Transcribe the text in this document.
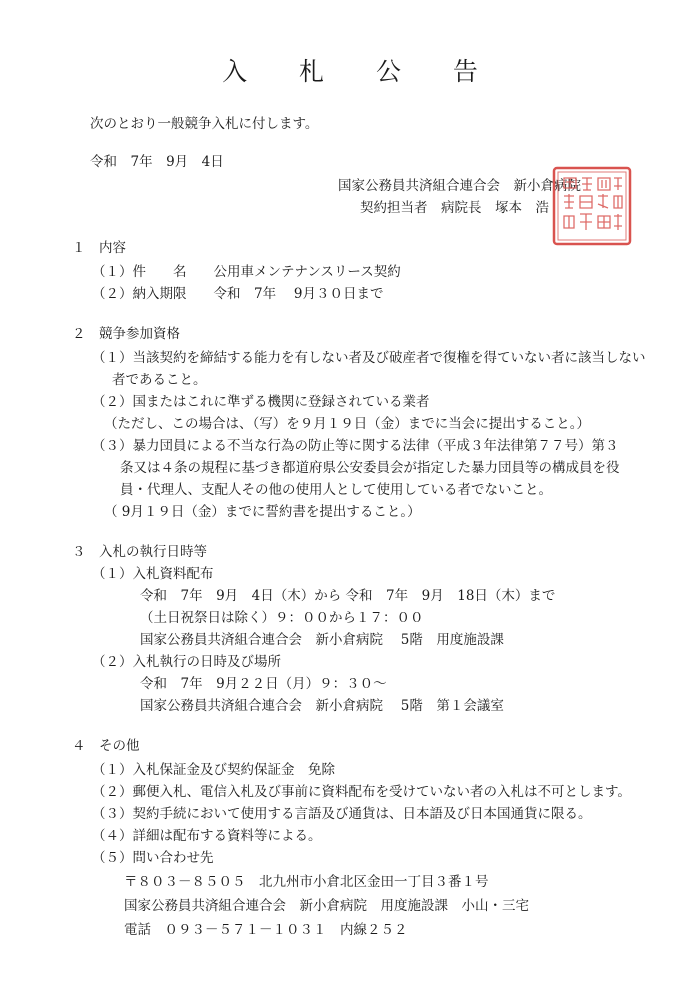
入 札 公 告
次のとおり一般競争入札に付します。
令和　7年　9月　4日
国家公務員共済組合連合会　新小倉病院
契約担当者　病院長　塚本　浩
１　内容
（１）件　　名　　公用車メンテナンスリース契約
（２）納入期限　　令和　7年　 9月３０日まで
２　競争参加資格
（１）当該契約を締結する能力を有しない者及び破産者で復権を得ていない者に該当しない
者であること。
（２）国またはこれに準ずる機関に登録されている業者
（ただし、この場合は、（写）を９月１９日（金）までに当会に提出すること。）
（３）暴力団員による不当な行為の防止等に関する法律（平成３年法律第７７号）第３
条又は４条の規程に基づき都道府県公安委員会が指定した暴力団員等の構成員を役
員・代理人、支配人その他の使用人として使用している者でないこと。
（ 9月１９日（金）までに誓約書を提出すること。）
３　入札の執行日時等
（１）入札資料配布
令和　7年　9月　4日（木）から 令和　7年　9月　18日（木）まで
（土日祝祭日は除く）９：００から１７：００
国家公務員共済組合連合会　新小倉病院　 5階　用度施設課
（２）入札執行の日時及び場所
令和　7年　9月２２日（月）９：３０～
国家公務員共済組合連合会　新小倉病院　 5階　第１会議室
４　その他
（１）入札保証金及び契約保証金　免除
（２）郵便入札、電信入札及び事前に資料配布を受けていない者の入札は不可とします。
（３）契約手続において使用する言語及び通貨は、日本語及び日本国通貨に限る。
（４）詳細は配布する資料等による。
（５）問い合わせ先
〒８０３－８５０５　北九州市小倉北区金田一丁目３番１号
国家公務員共済組合連合会　新小倉病院　用度施設課　小山・三宅
電話　０９３－５７１－１０３１　内線２５２
